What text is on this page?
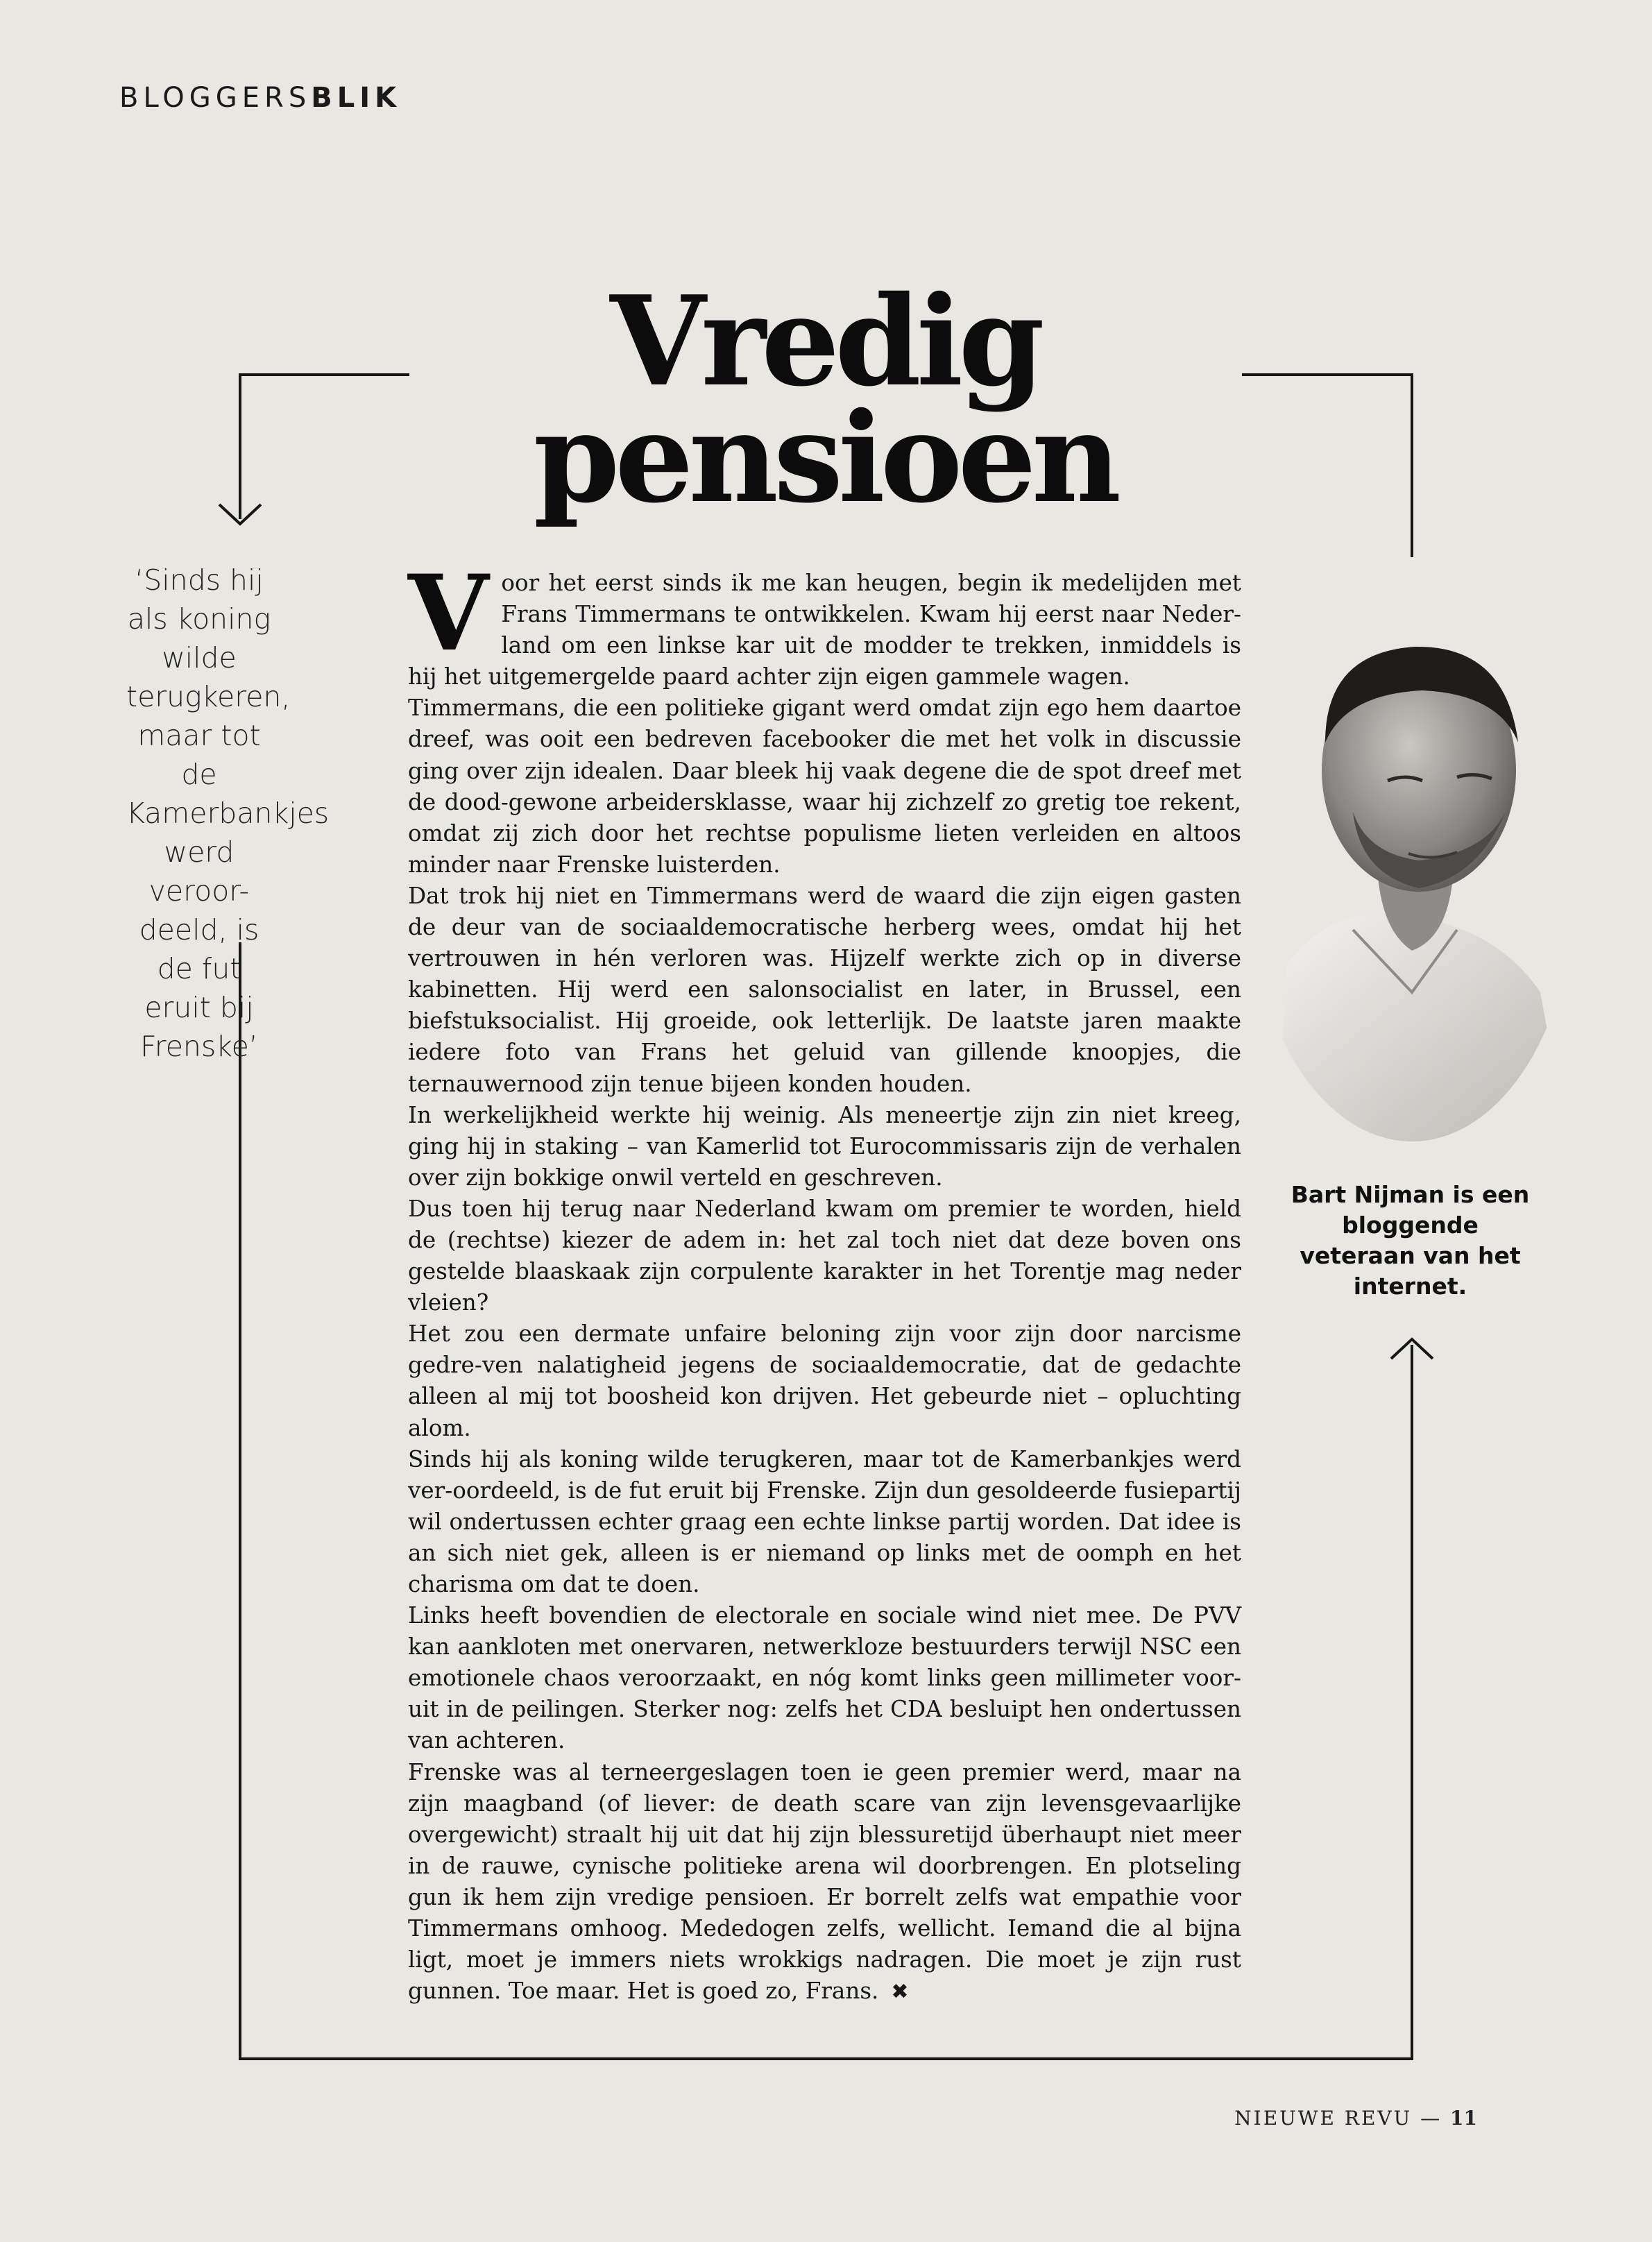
BLOGGERSBLIK
Vredig
pensioen
‘Sinds hij als koning wilde terugkeren, maar tot de Kamerbankjes werd veroor-deeld, is de fut eruit bij Frenske’

Voor het eerst sinds ik me kan heugen, begin ik medelijden met Frans Timmermans te ontwikkelen. Kwam hij eerst naar Neder-land om een linkse kar uit de modder te trekken, inmiddels is hij het uitgemergelde paard achter zijn eigen gammele wagen.

Timmermans, die een politieke gigant werd omdat zijn ego hem daartoe dreef, was ooit een bedreven facebooker die met het volk in discussie ging over zijn idealen. Daar bleek hij vaak degene die de spot dreef met de dood-gewone arbeidersklasse, waar hij zichzelf zo gretig toe rekent, omdat zij zich door het rechtse populisme lieten verleiden en altoos minder naar Frenske luisterden.

Dat trok hij niet en Timmermans werd de waard die zijn eigen gasten de deur van de sociaaldemocratische herberg wees, omdat hij het vertrouwen in hén verloren was. Hijzelf werkte zich op in diverse kabinetten. Hij werd een salonsocialist en later, in Brussel, een biefstuksocialist. Hij groeide, ook letterlijk. De laatste jaren maakte iedere foto van Frans het geluid van gillende knoopjes, die ternauwernood zijn tenue bijeen konden houden.

In werkelijkheid werkte hij weinig. Als meneertje zijn zin niet kreeg, ging hij in staking – van Kamerlid tot Eurocommissaris zijn de verhalen over zijn bokkige onwil verteld en geschreven.

Dus toen hij terug naar Nederland kwam om premier te worden, hield de (rechtse) kiezer de adem in: het zal toch niet dat deze boven ons gestelde blaaskaak zijn corpulente karakter in het Torentje mag neder vleien?

Het zou een dermate unfaire beloning zijn voor zijn door narcisme gedre-ven nalatigheid jegens de sociaaldemocratie, dat de gedachte alleen al mij tot boosheid kon drijven. Het gebeurde niet – opluchting alom.

Sinds hij als koning wilde terugkeren, maar tot de Kamerbankjes werd ver-oordeeld, is de fut eruit bij Frenske. Zijn dun gesoldeerde fusiepartij wil ondertussen echter graag een echte linkse partij worden. Dat idee is an sich niet gek, alleen is er niemand op links met de oomph en het charisma om dat te doen.

Links heeft bovendien de electorale en sociale wind niet mee. De PVV kan aankloten met onervaren, netwerkloze bestuurders terwijl NSC een emotionele chaos veroorzaakt, en nóg komt links geen millimeter voor-uit in de peilingen. Sterker nog: zelfs het CDA besluipt hen ondertussen van achteren.

Frenske was al terneergeslagen toen ie geen premier werd, maar na zijn maagband (of liever: de death scare van zijn levensgevaarlijke overgewicht) straalt hij uit dat hij zijn blessuretijd überhaupt niet meer in de rauwe, cynische politieke arena wil doorbrengen. En plotseling gun ik hem zijn vredige pensioen. Er borrelt zelfs wat empathie voor Timmermans omhoog. Mededogen zelfs, wellicht. Iemand die al bijna ligt, moet je immers niets wrokkigs nadragen. Die moet je zijn rust gunnen. Toe maar. Het is goed zo, Frans. ✖

Bart Nijman is een bloggende veteraan van het internet.
NIEUWE REVU — 11
